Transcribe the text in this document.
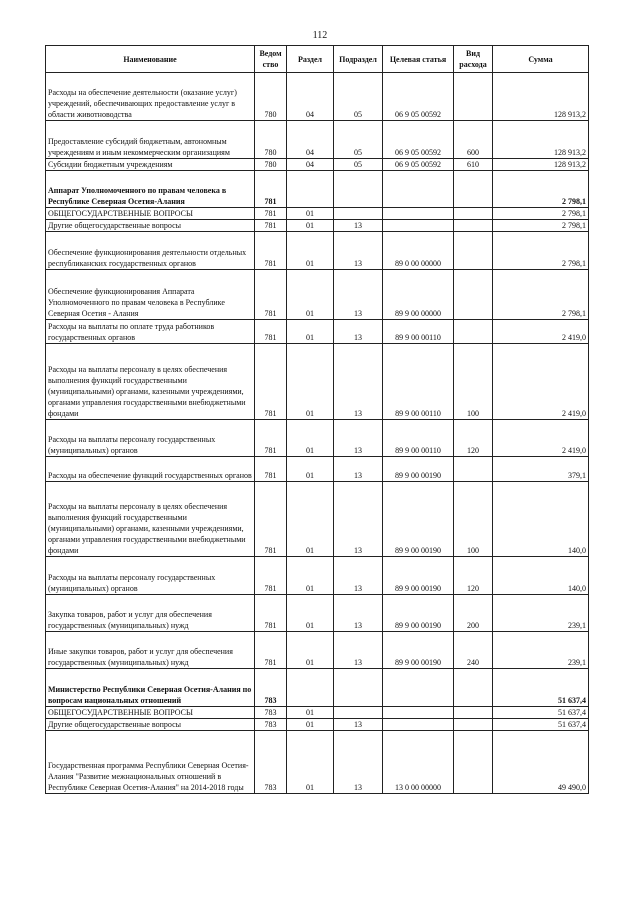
112
Наименование	Ведом ство	Раздел	Подраздел	Целевая статья	Вид расхода	Сумма
Расходы на обеспечение деятельности (оказание услуг) учреждений, обеспечивающих предоставление услуг в области животноводства	780	04	05	06 9 05 00592		128 913,2
Предоставление субсидий бюджетным, автономным учреждениям и иным некоммерческим организациям	780	04	05	06 9 05 00592	600	128 913,2
Субсидии бюджетным учреждениям	780	04	05	06 9 05 00592	610	128 913,2
Аппарат Уполномоченного по правам человека в Республике Северная Осетия-Алания	781					2 798,1
ОБЩЕГОСУДАРСТВЕННЫЕ ВОПРОСЫ	781	01				2 798,1
Другие общегосударственные вопросы	781	01	13			2 798,1
Обеспечение функционирования деятельности отдельных республиканских государственных органов	781	01	13	89 0 00 00000		2 798,1
Обеспечение функционирования Аппарата Уполномоченного по правам человека в Республике Северная Осетия - Алания	781	01	13	89 9 00 00000		2 798,1
Расходы на выплаты по оплате труда работников государственных органов	781	01	13	89 9 00 00110		2 419,0
Расходы на выплаты персоналу в целях обеспечения выполнения функций государственными (муниципальными) органами, казенными учреждениями, органами управления государственными внебюджетными фондами	781	01	13	89 9 00 00110	100	2 419,0
Расходы на выплаты персоналу государственных (муниципальных) органов	781	01	13	89 9 00 00110	120	2 419,0
Расходы на обеспечение функций государственных органов	781	01	13	89 9 00 00190		379,1
Расходы на выплаты персоналу в целях обеспечения выполнения функций государственными (муниципальными) органами, казенными учреждениями, органами управления государственными внебюджетными фондами	781	01	13	89 9 00 00190	100	140,0
Расходы на выплаты персоналу государственных (муниципальных) органов	781	01	13	89 9 00 00190	120	140,0
Закупка товаров, работ и услуг для обеспечения государственных (муниципальных) нужд	781	01	13	89 9 00 00190	200	239,1
Иные закупки товаров, работ и услуг для обеспечения государственных (муниципальных) нужд	781	01	13	89 9 00 00190	240	239,1
Министерство Республики Северная Осетия-Алания по вопросам национальных отношений	783					51 637,4
ОБЩЕГОСУДАРСТВЕННЫЕ ВОПРОСЫ	783	01				51 637,4
Другие общегосударственные вопросы	783	01	13			51 637,4
Государственная программа Республики Северная Осетия-Алания "Развитие межнациональных отношений в Республике Северная Осетия-Алания" на 2014-2018 годы	783	01	13	13 0 00 00000		49 490,0
